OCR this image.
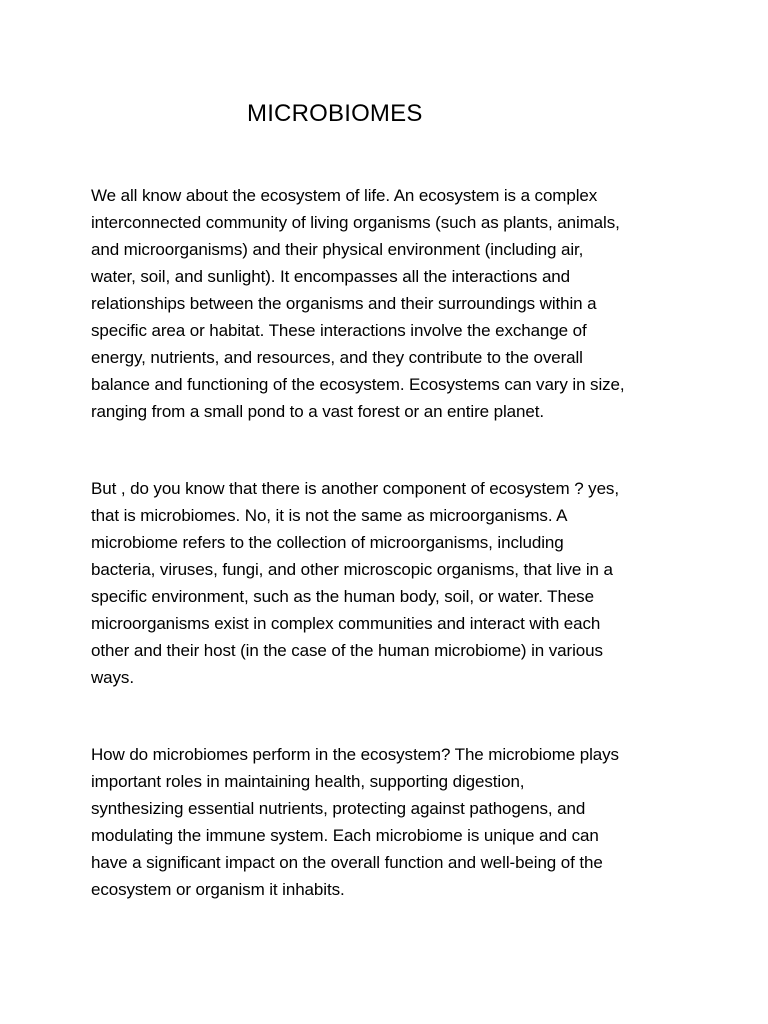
MICROBIOMES

We all know about the ecosystem of life. An ecosystem is a complex
interconnected community of living organisms (such as plants, animals,
and microorganisms) and their physical environment (including air,
water, soil, and sunlight). It encompasses all the interactions and
relationships between the organisms and their surroundings within a
specific area or habitat. These interactions involve the exchange of
energy, nutrients, and resources, and they contribute to the overall
balance and functioning of the ecosystem. Ecosystems can vary in size,
ranging from a small pond to a vast forest or an entire planet.

But , do you know that there is another component of ecosystem ? yes,
that is microbiomes. No, it is not the same as microorganisms. A
microbiome refers to the collection of microorganisms, including
bacteria, viruses, fungi, and other microscopic organisms, that live in a
specific environment, such as the human body, soil, or water. These
microorganisms exist in complex communities and interact with each
other and their host (in the case of the human microbiome) in various
ways.

How do microbiomes perform in the ecosystem? The microbiome plays
important roles in maintaining health, supporting digestion,
synthesizing essential nutrients, protecting against pathogens, and
modulating the immune system. Each microbiome is unique and can
have a significant impact on the overall function and well-being of the
ecosystem or organism it inhabits.
